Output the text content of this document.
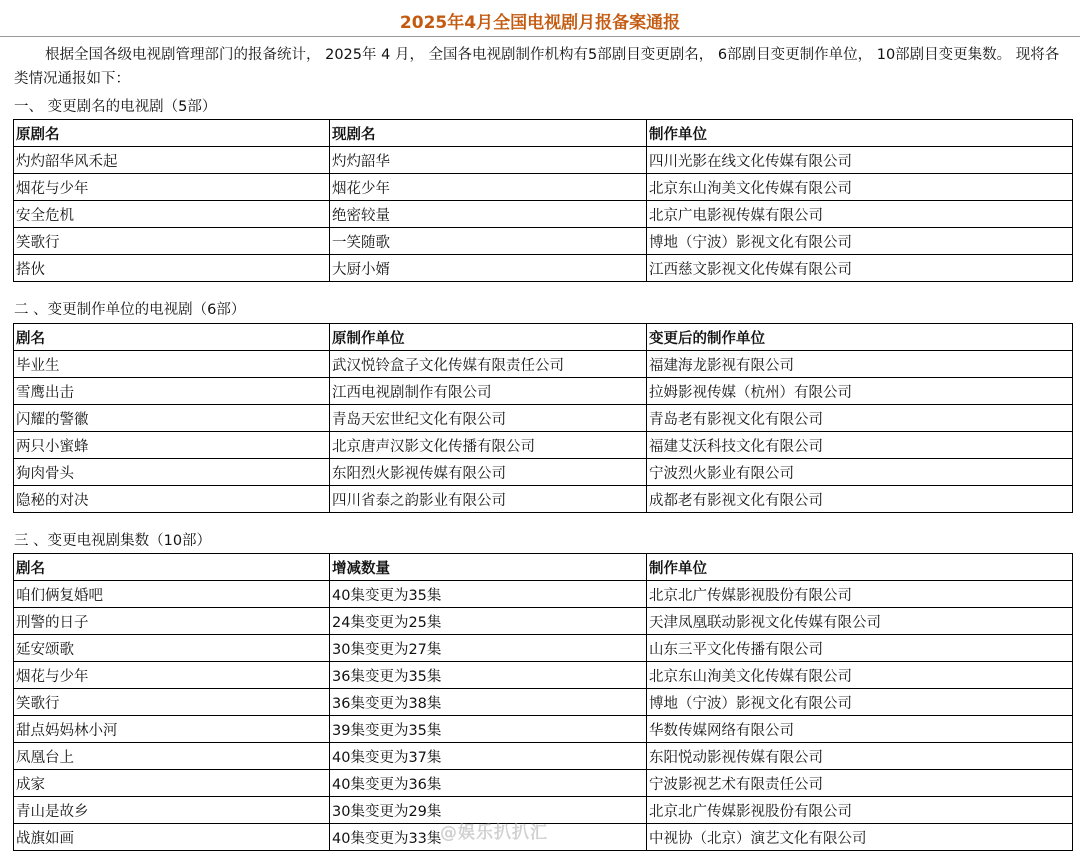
2025年4月全国电视剧月报备案通报

根据全国各级电视剧管理部门的报备统计， 2025年 4 月， 全国各电视剧制作机构有5部剧目变更剧名， 6部剧目变更制作单位， 10部剧目变更集数。 现将各类情况通报如下：

一、 变更剧名的电视剧（5部）
原剧名	现剧名	制作单位
灼灼韶华风禾起	灼灼韶华	四川光影在线文化传媒有限公司
烟花与少年	烟花少年	北京东山洵美文化传媒有限公司
安全危机	绝密较量	北京广电影视传媒有限公司
笑歌行	一笑随歌	博地（宁波）影视文化有限公司
搭伙	大厨小婿	江西慈文影视文化传媒有限公司
二 、变更制作单位的电视剧（6部）
剧名	原制作单位	变更后的制作单位
毕业生	武汉悦铃盒子文化传媒有限责任公司	福建海龙影视有限公司
雪鹰出击	江西电视剧制作有限公司	拉姆影视传媒（杭州）有限公司
闪耀的警徽	青岛天宏世纪文化有限公司	青岛老有影视文化有限公司
两只小蜜蜂	北京唐声汉影文化传播有限公司	福建艾沃科技文化有限公司
狗肉骨头	东阳烈火影视传媒有限公司	宁波烈火影业有限公司
隐秘的对决	四川省泰之韵影业有限公司	成都老有影视文化有限公司
三 、变更电视剧集数（10部）
剧名	增减数量	制作单位
咱们俩复婚吧	40集变更为35集	北京北广传媒影视股份有限公司
刑警的日子	24集变更为25集	天津凤凰联动影视文化传媒有限公司
延安颂歌	30集变更为27集	山东三平文化传播有限公司
烟花与少年	36集变更为35集	北京东山洵美文化传媒有限公司
笑歌行	36集变更为38集	博地（宁波）影视文化有限公司
甜点妈妈林小河	39集变更为35集	华数传媒网络有限公司
凤凰台上	40集变更为37集	东阳悦动影视传媒有限公司
成家	40集变更为36集	宁波影视艺术有限责任公司
青山是故乡	30集变更为29集	北京北广传媒影视股份有限公司
战旗如画	40集变更为33集	中视协（北京）演艺文化有限公司
@娱乐扒扒汇
